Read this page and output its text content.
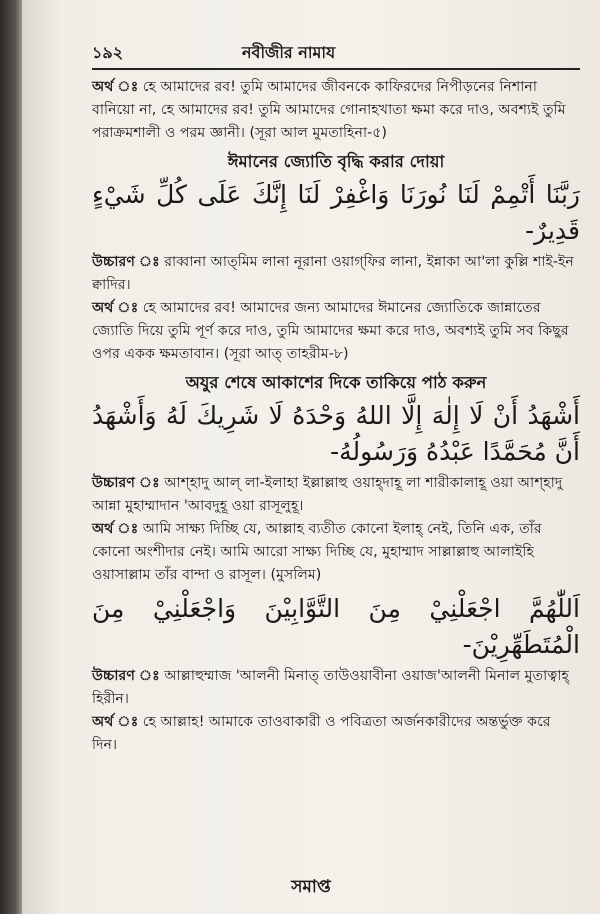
১৯২	নবীজীর নামায

অর্থ ঃ হে আমাদের রব! তুমি আমাদের জীবনকে কাফিরদের নিপীড়নের নিশানা বানিয়ো না, হে আমাদের রব! তুমি আমাদের গোনাহখাতা ক্ষমা করে দাও, অবশ্যই তুমি পরাক্রমশালী ও পরম জ্ঞানী। (সূরা আল মুমতাহিনা-৫)

ঈমানের জ্যোতি বৃদ্ধি করার দোয়া
رَبَّنَا أَتْمِمْ لَنَا نُورَنَا وَاغْفِرْ لَنَا إِنَّكَ عَلَى كُلِّ شَيْءٍ قَدِيرٌ-

উচ্চারণ ঃ রাব্বানা আত্‌মিম লানা নূরানা ওয়াগ্‌ফির লানা, ইন্নাকা আ'লা কুল্লি শাই-ইন ক্বাদির।

অর্থ ঃ হে আমাদের রব! আমাদের জন্য আমাদের ঈমানের জ্যোতিকে জান্নাতের জ্যোতি দিয়ে তুমি পূর্ণ করে দাও, তুমি আমাদের ক্ষমা করে দাও, অবশ্যই তুমি সব কিছুর ওপর একক ক্ষমতাবান। (সূরা আত্ তাহরীম-৮)

অযুর শেষে আকাশের দিকে তাকিয়ে পাঠ করুন
أَشْهَدُ أَنْ لَا إِلٰهَ إِلَّا اللهُ وَحْدَهُ لَا شَرِيكَ لَهُ وَأَشْهَدُ أَنَّ مُحَمَّدًا عَبْدُهُ وَرَسُولُهُ-

উচ্চারণ ঃ আশ্‌হাদু আল্ লা-ইলাহা ইল্লাল্লাহু ওয়াহ্‌দাহূ লা শারীকালাহূ ওয়া আশ্‌হাদু আন্না মুহাম্মাদান 'আবদুহূ ওয়া রাসূলুহূ।

অর্থ ঃ আমি সাক্ষ্য দিচ্ছি যে, আল্লাহ ব্যতীত কোনো ইলাহ্ নেই, তিনি এক, তাঁর কোনো অংশীদার নেই। আমি আরো সাক্ষ্য দিচ্ছি যে, মুহাম্মাদ সাল্লাল্লাহু আলাইহি ওয়াসাল্লাম তাঁর বান্দা ও রাসূল। (মুসলিম)

اَللّٰهُمَّ اجْعَلْنِيْ مِنَ التَّوَّابِيْنَ وَاجْعَلْنِيْ مِنَ الْمُتَطَهِّرِيْنَ-

উচ্চারণ ঃ আল্লাহুম্মাজ 'আলনী মিনাত্ তাউওয়াবীনা ওয়াজ'আলনী মিনাল মুতাত্বাহ্ হিরীন।

অর্থ ঃ হে আল্লাহ! আমাকে তাওবাকারী ও পবিত্রতা অর্জনকারীদের অন্তর্ভুক্ত করে দিন।

সমাপ্ত
